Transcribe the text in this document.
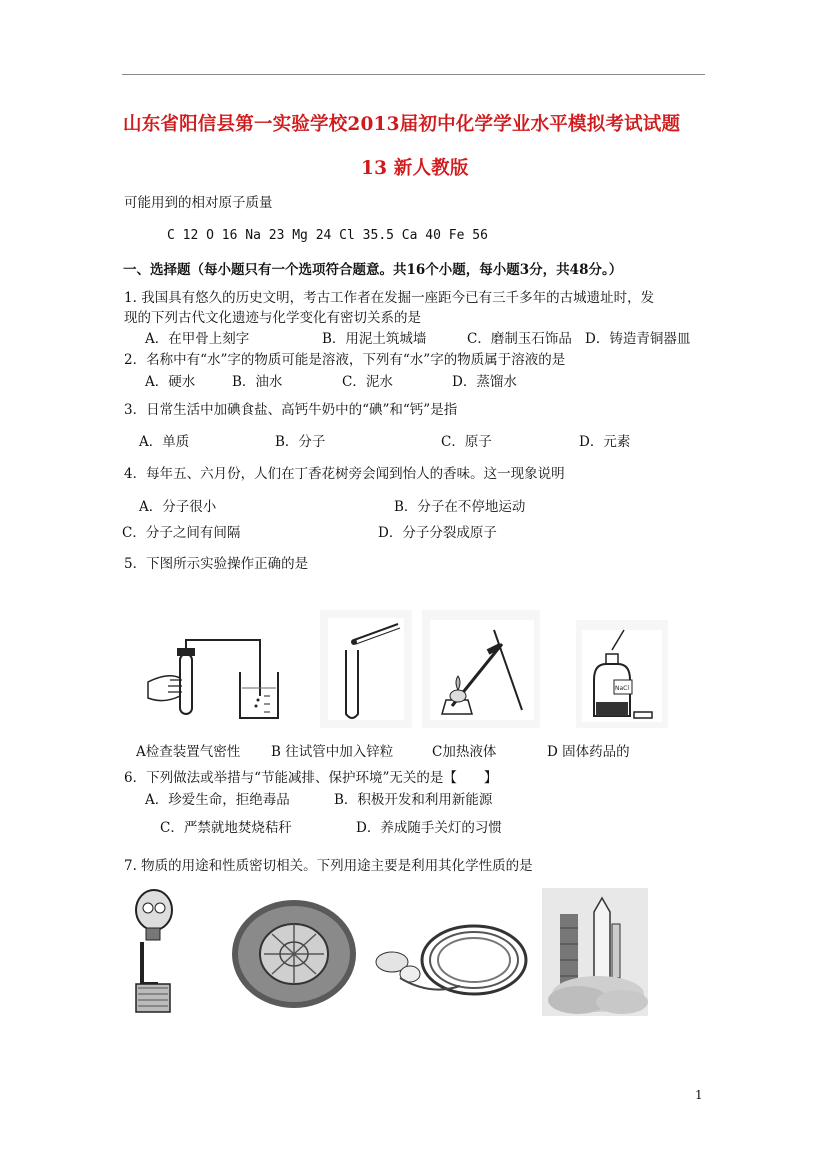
山东省阳信县第一实验学校2013届初中化学学业水平模拟考试试题
13 新人教版
可能用到的相对原子质量
C 12 O 16 Na 23 Mg 24 Cl 35.5 Ca 40 Fe 56
一、选择题（每小题只有一个选项符合题意。共16个小题，每小题3分，共48分。）
1. 我国具有悠久的历史文明，考古工作者在发掘一座距今已有三千多年的古城遗址时，发
现的下列古代文化遗迹与化学变化有密切关系的是
A．在甲骨上刻字	B．用泥土筑城墙	C．磨制玉石饰品 D．铸造青铜器皿
2．名称中有“水”字的物质可能是溶液，下列有“水”字的物质属于溶液的是
A．硬水	B．油水	C．泥水	D．蒸馏水
3．日常生活中加碘食盐、高钙牛奶中的“碘”和“钙”是指
A．单质	B．分子	C．原子	D．元素
4．每年五、六月份，人们在丁香花树旁会闻到怡人的香味。这一现象说明
A．分子很小	B．分子在不停地运动
C．分子之间有间隔	D．分子分裂成原子
5．下图所示实验操作正确的是
NaCl
A检查装置气密性 B 往试管中加入锌粒	C加热液体	D 固体药品的
6．下列做法或举措与“节能减排、保护环境”无关的是【　　】
A．珍爱生命，拒绝毒品	B．积极开发和利用新能源
C．严禁就地焚烧秸秆	D．养成随手关灯的习惯
7. 物质的用途和性质密切相关。下列用途主要是利用其化学性质的是
1
